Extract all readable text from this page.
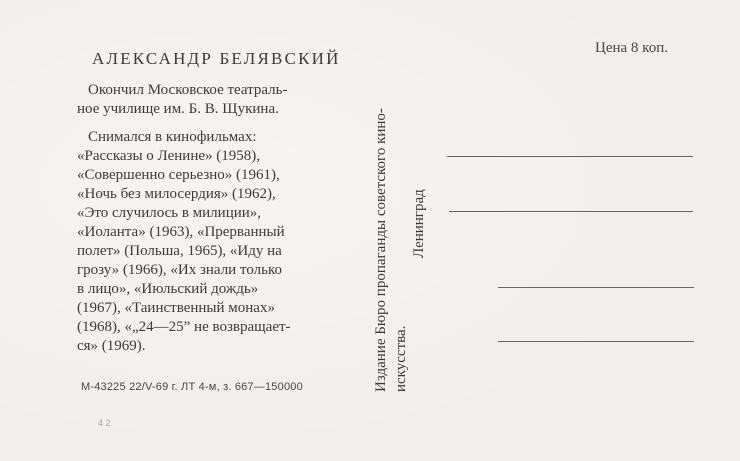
АЛЕКСАНДР БЕЛЯВСКИЙ
Окончил Московское театраль-
ное училище им. Б. В. Щукина.
Снимался в кинофильмах:
«Рассказы о Ленине» (1958),
«Совершенно серьезно» (1961),
«Ночь без милосердия» (1962),
«Это случилось в милиции»,
«Иоланта» (1963), «Прерванный
полет» (Польша, 1965), «Иду на
грозу» (1966), «Их знали только
в лицо», «Июльский дождь»
(1967), «Таинственный монах»
(1968), «„24—25” не возвращает-
ся» (1969).
М-43225 22/V-69 г. ЛТ 4-м, з. 667—150000
4 2
Цена 8 коп.
Издание Бюро пропаганды советского кино- искусства.
Ленинград
